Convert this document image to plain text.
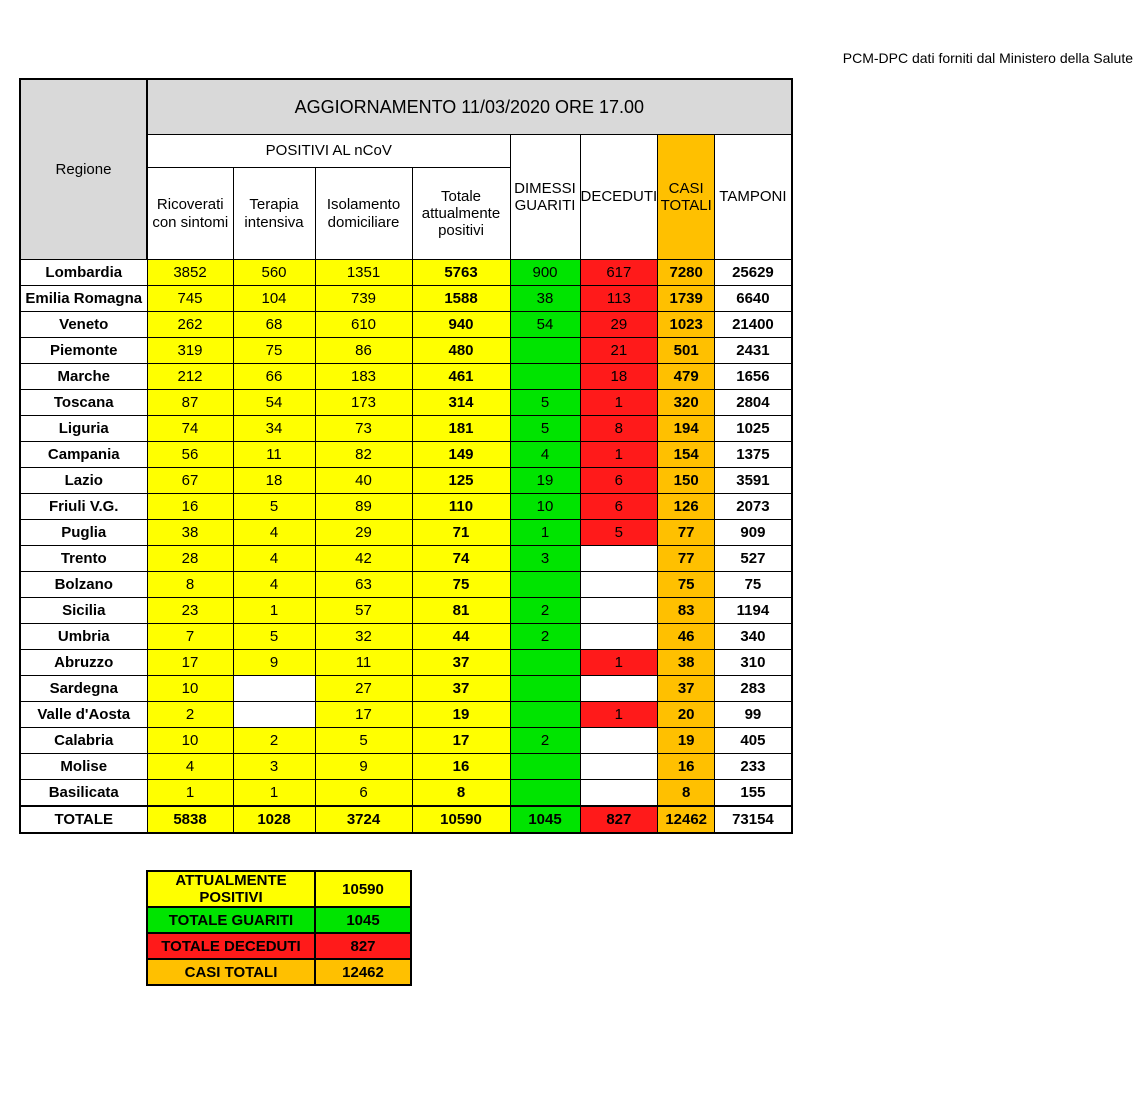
PCM-DPC dati forniti dal Ministero della Salute
Regione	AGGIORNAMENTO 11/03/2020 ORE 17.00							
	POSITIVI AL nCoV				DIMESSI GUARITI	DECEDUTI	CASI TOTALI	TAMPONI
	Ricoverati con sintomi	Terapia intensiva	Isolamento domiciliare	Totale attualmente positivi				
Lombardia	3852	560	1351	5763	900	617	7280	25629
Emilia Romagna	745	104	739	1588	38	113	1739	6640
Veneto	262	68	610	940	54	29	1023	21400
Piemonte	319	75	86	480		21	501	2431
Marche	212	66	183	461		18	479	1656
Toscana	87	54	173	314	5	1	320	2804
Liguria	74	34	73	181	5	8	194	1025
Campania	56	11	82	149	4	1	154	1375
Lazio	67	18	40	125	19	6	150	3591
Friuli V.G.	16	5	89	110	10	6	126	2073
Puglia	38	4	29	71	1	5	77	909
Trento	28	4	42	74	3		77	527
Bolzano	8	4	63	75			75	75
Sicilia	23	1	57	81	2		83	1194
Umbria	7	5	32	44	2		46	340
Abruzzo	17	9	11	37		1	38	310
Sardegna	10		27	37			37	283
Valle d'Aosta	2		17	19		1	20	99
Calabria	10	2	5	17	2		19	405
Molise	4	3	9	16			16	233
Basilicata	1	1	6	8			8	155
TOTALE	5838	1028	3724	10590	1045	827	12462	73154
ATTUALMENTE POSITIVI	10590
TOTALE GUARITI	1045
TOTALE DECEDUTI	827
CASI TOTALI	12462
